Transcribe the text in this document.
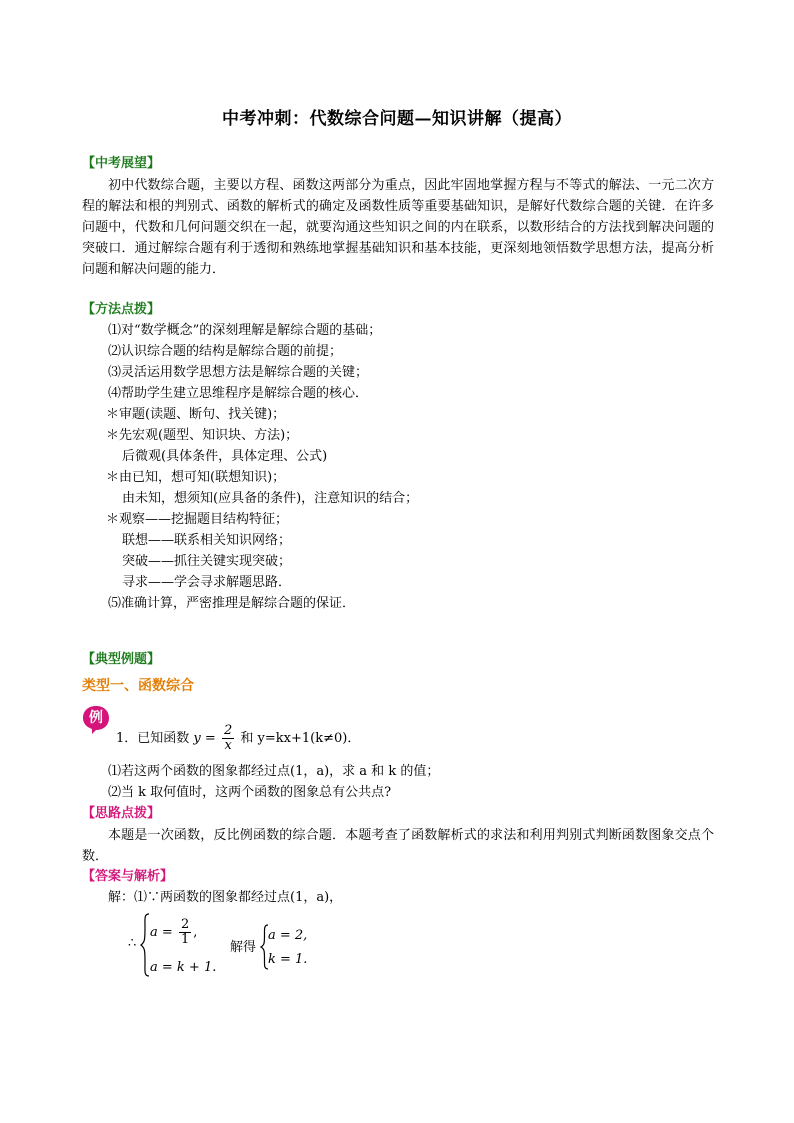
中考冲刺：代数综合问题—知识讲解（提高）
【中考展望】
初中代数综合题，主要以方程、函数这两部分为重点，因此牢固地掌握方程与不等式的解法、一元二次方程的解法和根的判别式、函数的解析式的确定及函数性质等重要基础知识，是解好代数综合题的关键．在许多问题中，代数和几何问题交织在一起，就要沟通这些知识之间的内在联系，以数形结合的方法找到解决问题的突破口．通过解综合题有利于透彻和熟练地掌握基础知识和基本技能，更深刻地领悟数学思想方法，提高分析问题和解决问题的能力．
【方法点拨】
⑴对“数学概念”的深刻理解是解综合题的基础；
⑵认识综合题的结构是解综合题的前提；
⑶灵活运用数学思想方法是解综合题的关键；
⑷帮助学生建立思维程序是解综合题的核心．
＊审题(读题、断句、找关键)；
＊先宏观(题型、知识块、方法)；
后微观(具体条件，具体定理、公式)
＊由已知，想可知(联想知识)；
由未知，想须知(应具备的条件)，注意知识的结合；
＊观察——挖掘题目结构特征；
联想——联系相关知识网络；
突破——抓往关键实现突破；
寻求——学会寻求解题思路．
⑸准确计算，严密推理是解综合题的保证．
【典型例题】
类型一、函数综合
例
1．已知函数 $y = \frac{2}{x}$ 和 y=kx+1(k≠0)．
⑴若这两个函数的图象都经过点(1，a)，求 a 和 k 的值；
⑵当 k 取何值时，这两个函数的图象总有公共点?
【思路点拨】
本题是一次函数，反比例函数的综合题．本题考查了函数解析式的求法和利用判别式判断函数图象交点个数．
【答案与解析】
解：⑴∵两函数的图象都经过点(1，a)，
∴
$a = \frac{2}{1}$ ,
a = k + 1.
解得
a = 2,
k = 1.
